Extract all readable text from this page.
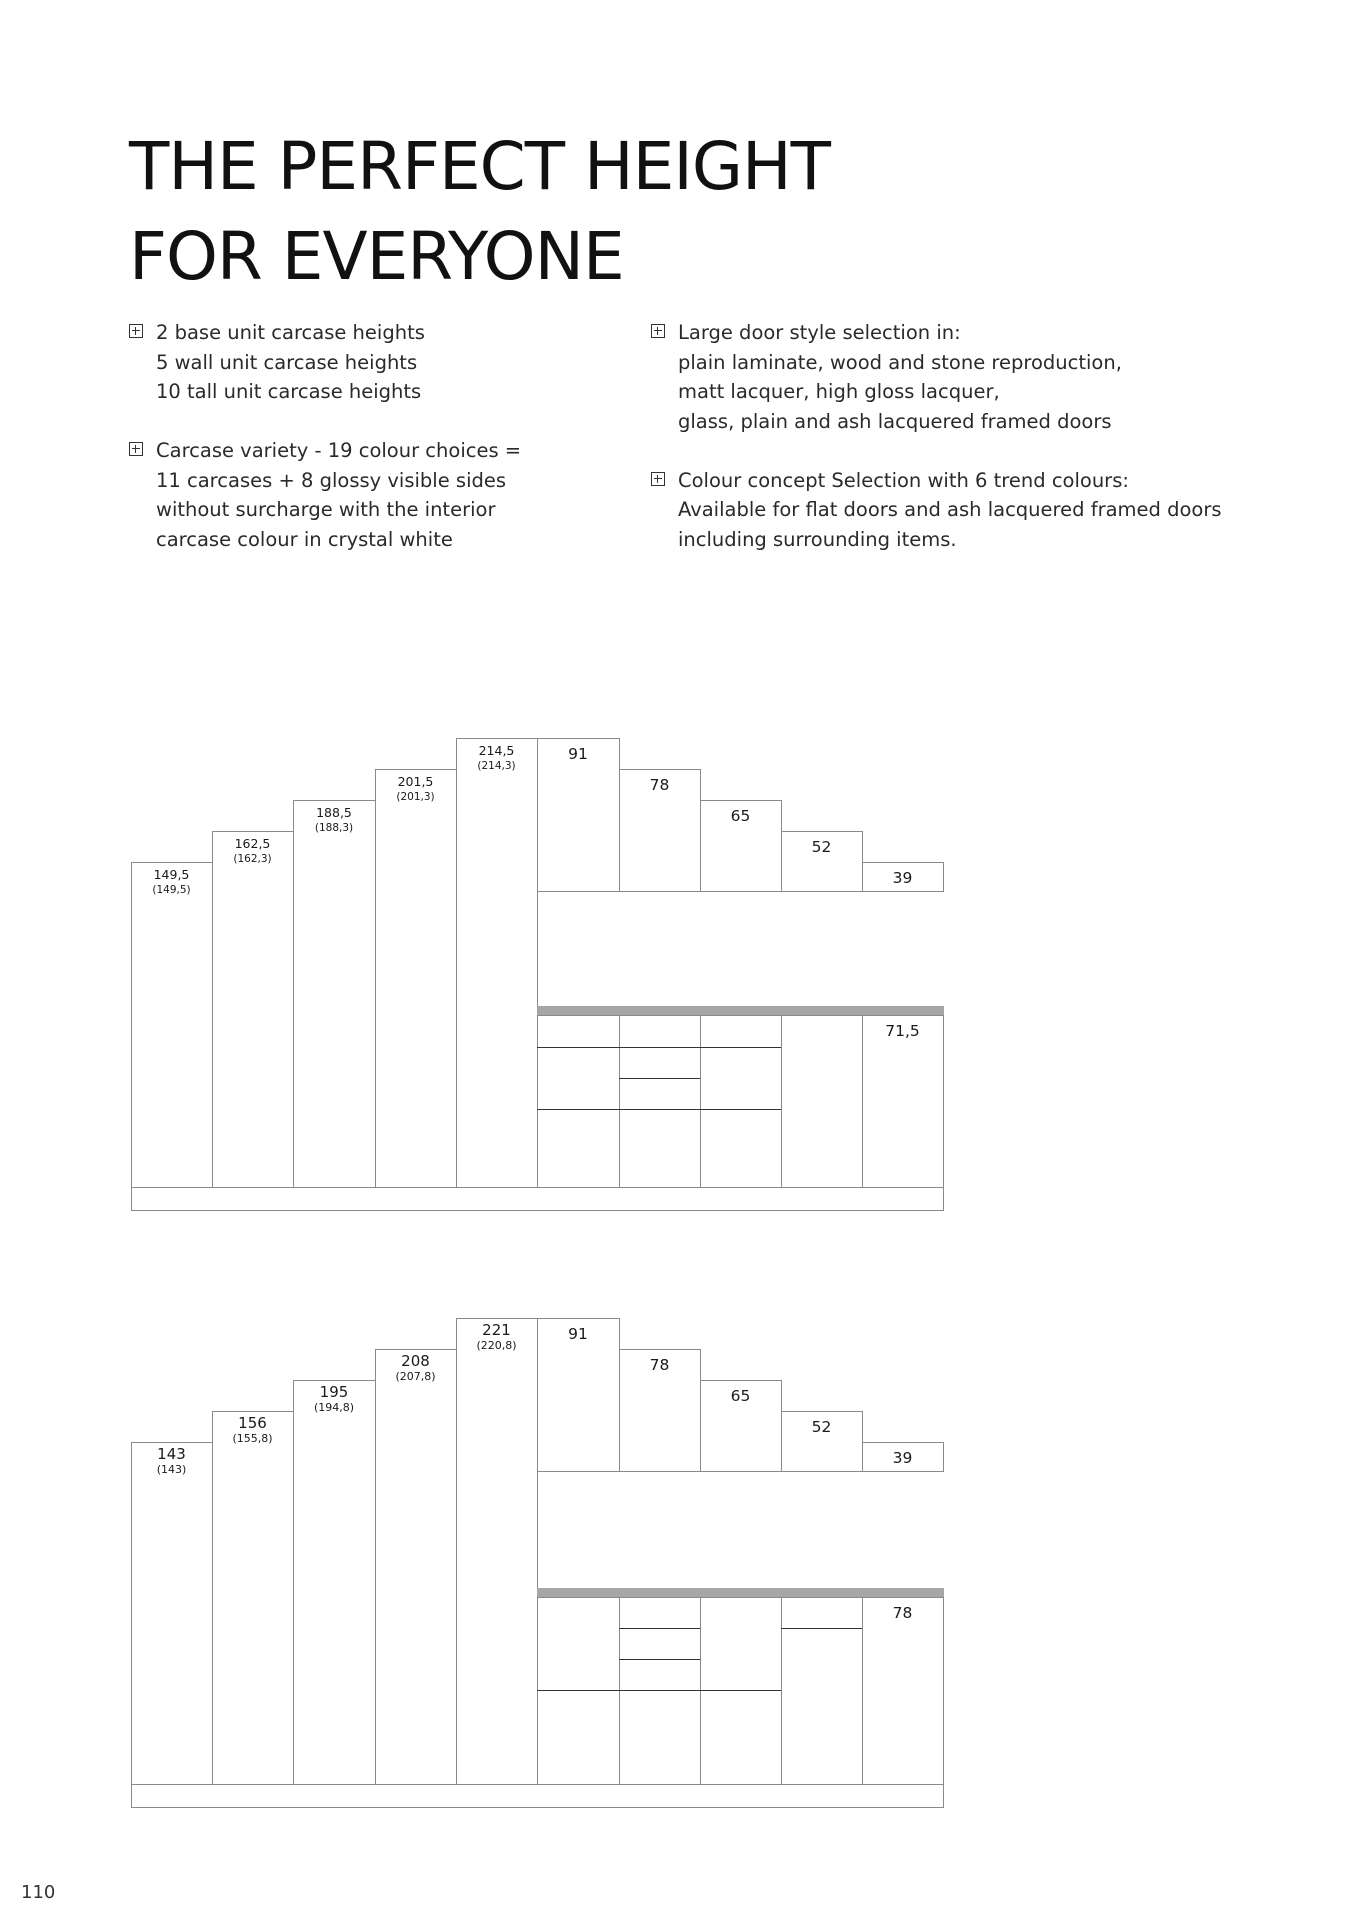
THE PERFECT HEIGHT
FOR EVERYONE
2 base unit carcase heights
5 wall unit carcase heights
10 tall unit carcase heights
Carcase variety - 19 colour choices =
11 carcases + 8 glossy visible sides
without surcharge with the interior
carcase colour in crystal white
Large door style selection in:
plain laminate, wood and stone reproduction,
matt lacquer, high gloss lacquer,
glass, plain and ash lacquered framed doors
Colour concept Selection with 6 trend colours:
Available for flat doors and ash lacquered framed doors
including surrounding items.
149,5
(149,5)
162,5
(162,3)
188,5
(188,3)
201,5
(201,3)
214,5
(214,3)
91
78
65
52
39
71,5
143
(143)
156
(155,8)
195
(194,8)
208
(207,8)
221
(220,8)
91
78
65
52
39
78
110
